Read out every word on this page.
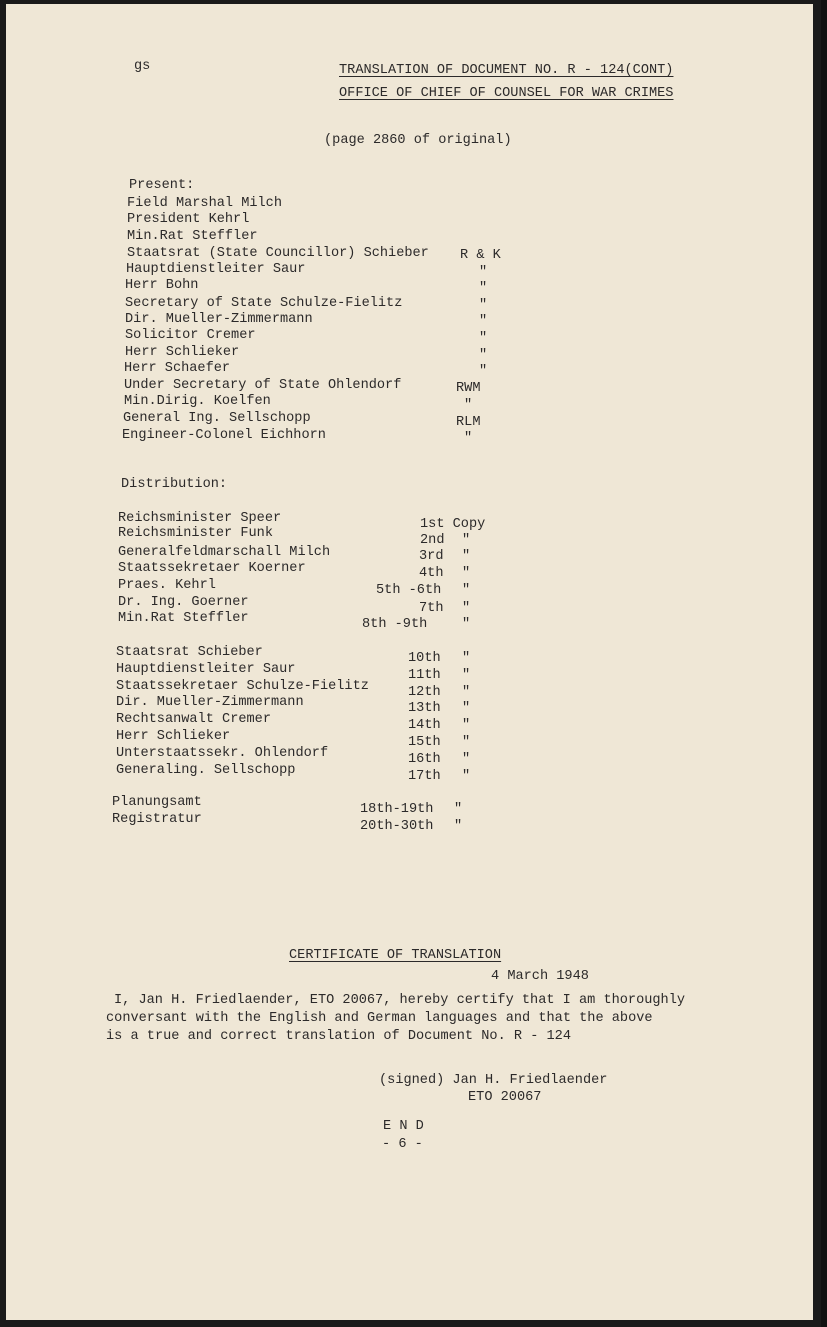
gs	TRANSLATION OF DOCUMENT NO. R - 124(CONT)
OFFICE OF CHIEF OF COUNSEL FOR WAR CRIMES
(page 2860 of original)
Present:
Field Marshal Milch
President Kehrl
Min.Rat Steffler
Staatsrat (State Councillor) Schieber R & K
Hauptdienstleiter Saur	"
Herr Bohn	"
Secretary of State Schulze-Fielitz	"
Dir. Mueller-Zimmermann	"
Solicitor Cremer	"
Herr Schlieker	"
Herr Schaefer	"
Under Secretary of State Ohlendorf	RWM
Min.Dirig. Koelfen	"
General Ing. Sellschopp	RLM
Engineer-Colonel Eichhorn	"
Distribution:
Reichsminister Speer	1st Copy
Reichsminister Funk	2nd "
Generalfeldmarschall Milch	3rd "
Staatssekretaer Koerner	4th "
Praes. Kehrl	5th -6th "
Dr. Ing. Goerner	7th "
Min.Rat Steffler	8th -9th	"
Staatsrat Schieber	10th "
Hauptdienstleiter Saur	11th "
Staatssekretaer Schulze-Fielitz	12th "
Dir. Mueller-Zimmermann	13th "
Rechtsanwalt Cremer	14th "
Herr Schlieker	15th "
Unterstaatssekr. Ohlendorf	16th "
Generaling. Sellschopp	17th "
Planungsamt	18th-19th "
Registratur	20th-30th "
CERTIFICATE OF TRANSLATION
4 March 1948
I, Jan H. Friedlaender, ETO 20067, hereby certify that I am thoroughly
conversant with the English and German languages and that the above
is a true and correct translation of Document No. R - 124
(signed) Jan H. Friedlaender
ETO 20067
E N D
- 6 -
